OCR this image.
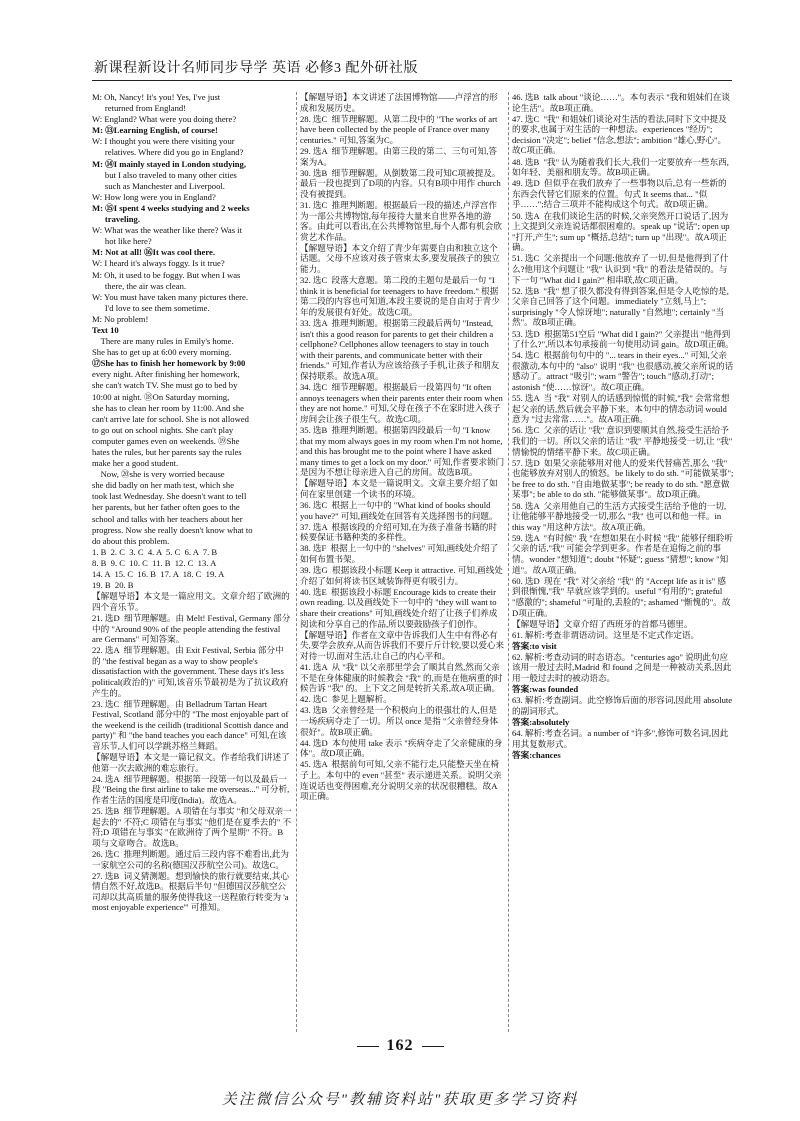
新课程新设计名师同步导学 英语 必修3 配外研社版

M: Oh, Nancy! It's you! Yes, I've just

returned from England!

W: England? What were you doing there?

M: ⑬Learning English, of course!

W: I thought you were there visiting your

relatives. Where did you go in England?

M: ⑭I mainly stayed in London studying,

but I also traveled to many other cities

such as Manchester and Liverpool.

W: How long were you in England?

M: ⑮I spent 4 weeks studying and 2 weeks

traveling.

W: What was the weather like there? Was it

hot like here?

M: Not at all! ⑯It was cool there.

W: I heard it's always foggy. Is it true?

M: Oh, it used to be foggy. But when I was

there, the air was clean.

W: You must have taken many pictures there.

I'd love to see them sometime.

M: No problem!

Text 10

There are many rules in Emily's home.

She has to get up at 6:00 every morning.

⑰She has to finish her homework by 9:00

every night. After finishing her homework,

she can't watch TV. She must go to bed by

10:00 at night. ⑱On Saturday morning,

she has to clean her room by 11:00. And she

can't arrive late for school. She is not allowed

to go out on school nights. She can't play

computer games even on weekends. ⑲She

hates the rules, but her parents say the rules

make her a good student.

Now, ⑳she is very worried because

she did badly on her math test, which she

took last Wednesday. She doesn't want to tell

her parents, but her father often goes to the

school and talks with her teachers about her

progress. Now she really doesn't know what to

do about this problem.

1. B  2. C  3. C  4. A  5. C  6. A  7. B

8. B  9. C  10. C  11. B  12. C  13. A

14. A  15. C  16. B  17. A  18. C  19. A

19. B  20. B

【解题导语】本文是一篇应用文。文章介绍了欧洲的四个音乐节。

21. 选D  细节理解题。由 Melt! Festival, Germany 部分中的 "Around 90% of the people attending the festival are Germans" 可知答案。

22. 选A  细节理解题。由 Exit Festival, Serbia 部分中的 "the festival began as a way to show people's dissatisfaction with the government. These days it's less political(政治的)" 可知,该音乐节最初是为了抗议政府产生的。

23. 选C  细节理解题。由 Belladrum Tartan Heart Festival, Scotland 部分中的 "The most enjoyable part of the weekend is the ceilidh (traditional Scottish dance and party)" 和 "the band teaches you each dance" 可知,在该音乐节,人们可以学跳苏格兰舞蹈。

【解题导语】本文是一篇记叙文。作者给我们讲述了他第一次去欧洲的难忘旅行。

24. 选A  细节理解题。根据第一段第一句以及最后一段 "Being the first airline to take me overseas..." 可分析,作者生活的国度是印度(India)。故选A。

25. 选B  细节理解题。A 项错在与事实 "和父母双亲一起去的" 不符;C 项错在与事实 "他们是在夏季去的" 不符;D 项错在与事实 "在欧洲待了两个星期" 不符。B 项与文章吻合。故选B。

26. 选C  推理判断题。通过后三段内容不难看出,此为一家航空公司的名称(德国汉莎航空公司)。故选C。

27. 选B  词义猜测题。想到愉快的旅行就要结束,其心情自然不好,故选B。根据后半句 "但德国汉莎航空公司却以其高质量的服务使得我这一送程旅行转变为 'a most enjoyable experience'" 可推知。

【解题导语】本文讲述了法国博物馆——卢浮宫的形成和发展历史。

28. 选C  细节理解题。从第二段中的 "The works of art have been collected by the people of France over many centuries." 可知,答案为C。

29. 选A  细节理解题。由第三段的第二、三句可知,答案为A。

30. 选B  细节理解题。从倒数第二段可知C项被提及。最后一段也提到了D项的内容。只有B项中用作 church 没有被提到。

31. 选C  推理判断题。根据最后一段的描述,卢浮宫作为一部公共博物馆,每年接待大量来自世界各地的游客。由此可以看出,在公共博物馆里,每个人都有机会欣赏艺术作品。

【解题导语】本文介绍了青少年需要自由和独立这个话题。父母不应该对孩子管束太多,要发展孩子的独立能力。

32. 选C  段落大意题。第二段的主题句是最后一句 "I think it is beneficial for teenagers to have freedom." 根据第二段的内容也可知道,本段主要说的是自由对于青少年的发展很有好处。故选C项。

33. 选A  推理判断题。根据第三段最后两句 "Instead, isn't this a good reason for parents to get their children a cellphone? Cellphones allow teenagers to stay in touch with their parents, and communicate better with their friends." 可知,作者认为应该给孩子手机,让孩子和朋友保持联系。故选A项。

34. 选C  细节理解题。根据最后一段第四句 "It often annoys teenagers when their parents enter their room when they are not home." 可知,父母在孩子不在家时进入孩子房间会让孩子很生气。故选C项。

35. 选B  推理判断题。根据第四段最后一句 "I know that my mom always goes in my room when I'm not home, and this has brought me to the point where I have asked many times to get a lock on my door." 可知,作者要求锁门是因为不想让母亲进入自己的房间。故选B项。

【解题导语】本文是一篇说明文。文章主要介绍了如何在家里创建一个读书的环境。

36. 选C  根据上一句中的 "What kind of books should you have?" 可知,画线处在回答有关选择图书的问题。

37. 选A  根据该段的介绍可知,在为孩子准备书籍的时候要保证书籍种类的多样性。

38. 选F  根据上一句中的 "shelves" 可知,画线处介绍了如何布置书架。

39. 选G  根据该段小标题 Keep it attractive. 可知,画线处介绍了如何将读书区域装饰得更有吸引力。

40. 选E  根据该段小标题 Encourage kids to create their own reading. 以及画线处下一句中的 "they will want to share their creations" 可知,画线处介绍了让孩子们养成阅读和分享自己的作品,所以要鼓励孩子们创作。

【解题导语】作者在文章中告诉我们人生中有得必有失,要学会放弃,从而告诉我们不要斤斤计较,要以爱心来对待一切,面对生活,让自己的内心平和。

41. 选A  从 "我" 以父亲那里学会了顺其自然,然而父亲不是在身体健康的时候教会 "我" 的,而是在他病重的时候告诉 "我" 的。上下文之间是转折关系,故A项正确。

42. 选C  参见上题解析。

43. 选B  父亲曾经是一个积极向上的很强壮的人,但是一场疾病夺走了一切。所以 once 是指 "父亲曾经身体很好"。故B项正确。

44. 选D  本句使用 take 表示 "疾病夺走了父亲健康的身体"。故D项正确。

45. 选A  根据前句可知,父亲不能行走,只能整天坐在椅子上。本句中的 even "甚至" 表示递进关系。说明父亲连说话也变得困难,充分说明父亲的状况很糟糕。故A项正确。

46. 选B  talk about "谈论……"。本句表示 "我和姐妹们在谈论生活"。故B项正确。

47. 选C  "我" 和姐妹们谈论对生活的看法,同时下文中提及的要求,也属于对生活的一种想法。experiences "经历"; decision "决定"; belief "信念,想法"; ambition "雄心,野心"。故C项正确。

48. 选B  "我" 认为随着我们长大,我们一定要放弃一些东西,如年轻、美丽和朋友等。故B项正确。

49. 选D  但似乎在我们放弃了一些事物以后,总有一些新的东西会代替它们原来的位置。句式 It seems that... "似乎……";结合三项并不能构成这个句式。故D项正确。

50. 选A  在我们谈论生活的时候,父亲突然开口说话了,因为上文提到父亲连说话都很困难的。speak up "说话"; open up "打开,产生"; sum up "概括,总结"; turn up "出现"。故A项正确。

51. 选C  父亲提出一个问题:他放弃了一切,但是他得到了什么?他用这个问题让 "我" 认识到 "我" 的看法是错误的。与下一句 "What did I gain?" 相串联,故C项正确。

52. 选B  "我" 想了很久都没有得到答案,但是令人吃惊的是,父亲自己回答了这个问题。immediately "立刻,马上"; surprisingly "令人惊讶地"; naturally "自然地"; certainly "当然"。故B项正确。

53. 选D  根据第51空后 "What did I gain?" 父亲提出 "他得到了什么?",所以本句承接前一句使用动词 gain。故D项正确。

54. 选C  根据前句句中的 "... tears in their eyes..." 可知,父亲很激动,本句中的 "also" 说明 "我" 也很感动,被父亲所说的话感动了。attract "吸引"; warn "警告"; touch "感动,打动"; astonish "使……惊讶"。故C项正确。

55. 选A  当 "我" 对别人的话感到惊慌的时候,"我" 会常常想起父亲的话,然后就会平静下来。本句中的情态动词 would 意为 "过去常常……"。故A项正确。

56. 选C  父亲的话让 "我" 意识到要顺其自然,接受生活给予我们的一切。所以父亲的话让 "我" 平静地接受一切,让 "我" 情愉悦的情绪平静下来。故C项正确。

57. 选D  如果父亲能够用对他人的爱来代替痛苦,那么 "我" 也能够放弃对别人的愤怒。be likely to do sth. "可能做某事"; be free to do sth. "自由地做某事"; be ready to do sth. "愿意做某事"; be able to do sth. "能够做某事"。故D项正确。

58. 选A  父亲用他自己的生活方式接受生活给予他的一切,让他能够平静地接受一切,那么 "我" 也可以和他一样。in this way "用这种方法"。故A项正确。

59. 选A  "有时候" 我 "在想如果在小时候 "我" 能够仔细聆听父亲的话,"我" 可能会学到更多。作者是在追悔之前的事情。wonder "想知道"; doubt "怀疑"; guess "猜想"; know "知道"。故A项正确。

60. 选D  现在 "我" 对父亲给 "我" 的 "Accept life as it is" 感到很惭愧,"我" 早就应该学到的。useful "有用的"; grateful "感激的"; shameful "可耻的,丢脸的"; ashamed "惭愧的"。故D项正确。

【解题导语】文章介绍了西班牙的首都马德里。

61. 解析:考查非谓语动词。这里是不定式作定语。

答案:to visit

62. 解析:考查动词的时态语态。"centuries ago" 说明此句应该用一般过去时,Madrid 和 found 之间是一种被动关系,因此用一般过去时的被动语态。

答案:was founded

63. 解析:考查副词。此空修饰后面的形容词,因此用 absolute 的副词形式。

答案:absolutely

64. 解析:考查名词。a number of "许多",修饰可数名词,因此用其复数形式。

答案:chances

162
关注微信公众号"教辅资料站"获取更多学习资料
